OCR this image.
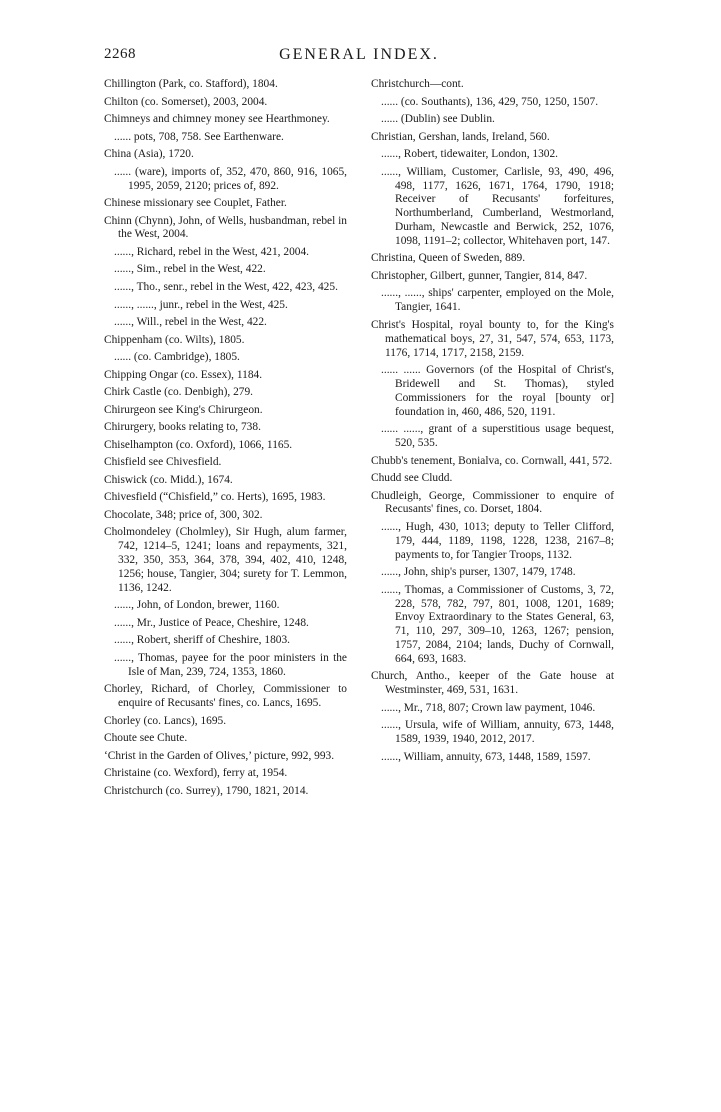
2268	GENERAL INDEX.

Chillington (Park, co. Stafford), 1804.

Chilton (co. Somerset), 2003, 2004.

Chimneys and chimney money see Hearthmoney.

...... pots, 708, 758. See Earthenware.

China (Asia), 1720.

...... (ware), imports of, 352, 470, 860, 916, 1065, 1995, 2059, 2120; prices of, 892.

Chinese missionary see Couplet, Father.

Chinn (Chynn), John, of Wells, husbandman, rebel in the West, 2004.

......, Richard, rebel in the West, 421, 2004.

......, Sim., rebel in the West, 422.

......, Tho., senr., rebel in the West, 422, 423, 425.

......, ......, junr., rebel in the West, 425.

......, Will., rebel in the West, 422.

Chippenham (co. Wilts), 1805.

...... (co. Cambridge), 1805.

Chipping Ongar (co. Essex), 1184.

Chirk Castle (co. Denbigh), 279.

Chirurgeon see King's Chirurgeon.

Chirurgery, books relating to, 738.

Chiselhampton (co. Oxford), 1066, 1165.

Chisfield see Chivesfield.

Chiswick (co. Midd.), 1674.

Chivesfield (“Chisfield,” co. Herts), 1695, 1983.

Chocolate, 348; price of, 300, 302.

Cholmondeley (Cholmley), Sir Hugh, alum farmer, 742, 1214–5, 1241; loans and repayments, 321, 332, 350, 353, 364, 378, 394, 402, 410, 1248, 1256; house, Tangier, 304; surety for T. Lemmon, 1136, 1242.

......, John, of London, brewer, 1160.

......, Mr., Justice of Peace, Cheshire, 1248.

......, Robert, sheriff of Cheshire, 1803.

......, Thomas, payee for the poor ministers in the Isle of Man, 239, 724, 1353, 1860.

Chorley, Richard, of Chorley, Commissioner to enquire of Recusants' fines, co. Lancs, 1695.

Chorley (co. Lancs), 1695.

Choute see Chute.

‘Christ in the Garden of Olives,’ picture, 992, 993.

Christaine (co. Wexford), ferry at, 1954.

Christchurch (co. Surrey), 1790, 1821, 2014.

Christchurch—cont.

...... (co. Southants), 136, 429, 750, 1250, 1507.

...... (Dublin) see Dublin.

Christian, Gershan, lands, Ireland, 560.

......, Robert, tidewaiter, London, 1302.

......, William, Customer, Carlisle, 93, 490, 496, 498, 1177, 1626, 1671, 1764, 1790, 1918; Receiver of Recusants' forfeitures, Northumberland, Cumberland, Westmorland, Durham, Newcastle and Berwick, 252, 1076, 1098, 1191–2; collector, Whitehaven port, 147.

Christina, Queen of Sweden, 889.

Christopher, Gilbert, gunner, Tangier, 814, 847.

......, ......, ships' carpenter, employed on the Mole, Tangier, 1641.

Christ's Hospital, royal bounty to, for the King's mathematical boys, 27, 31, 547, 574, 653, 1173, 1176, 1714, 1717, 2158, 2159.

...... ...... Governors (of the Hospital of Christ's, Bridewell and St. Thomas), styled Commissioners for the royal [bounty or] foundation in, 460, 486, 520, 1191.

...... ......, grant of a superstitious usage bequest, 520, 535.

Chubb's tenement, Bonialva, co. Cornwall, 441, 572.

Chudd see Cludd.

Chudleigh, George, Commissioner to enquire of Recusants' fines, co. Dorset, 1804.

......, Hugh, 430, 1013; deputy to Teller Clifford, 179, 444, 1189, 1198, 1228, 1238, 2167–8; payments to, for Tangier Troops, 1132.

......, John, ship's purser, 1307, 1479, 1748.

......, Thomas, a Commissioner of Customs, 3, 72, 228, 578, 782, 797, 801, 1008, 1201, 1689; Envoy Extraordinary to the States General, 63, 71, 110, 297, 309–10, 1263, 1267; pension, 1757, 2084, 2104; lands, Duchy of Cornwall, 664, 693, 1683.

Church, Antho., keeper of the Gate house at Westminster, 469, 531, 1631.

......, Mr., 718, 807; Crown law payment, 1046.

......, Ursula, wife of William, annuity, 673, 1448, 1589, 1939, 1940, 2012, 2017.

......, William, annuity, 673, 1448, 1589, 1597.
